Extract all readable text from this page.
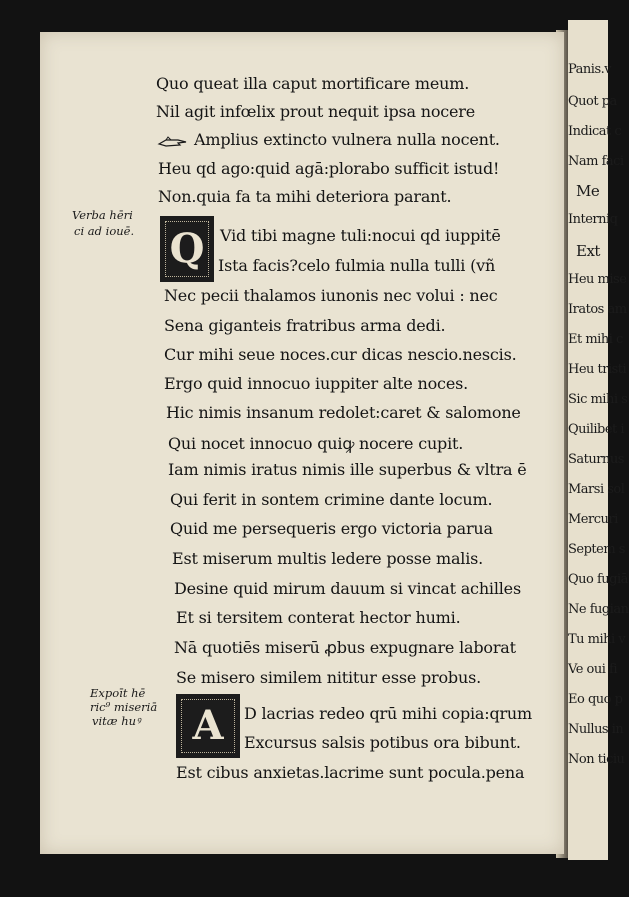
Panis.v
Quot pa
Indicat c
Nam faci
Me
Interniq
Ext
Heu mise
Iratos am
Et mihi c
Heu tristi
Sic mihi s
Quilibet i
Saturnus
Marsi sol
Mercuri
Septem s
Quo fugiā
Ne fugian
Tu mihi v
Ve oui fi
Eo quo p
Nullus in
Non ticiu
Verba hēri
ci ad iouē.
Expoīt hē
ric⁹ miseriā
vitæ huꝰ
Quo queat illa caput mortificare meum.
Nil agit infœlix prout nequit ipsa nocere
Amplius extincto vulnera nulla nocent.
Heu qd ago:quid agā:plorabo sufficit istud!
Non.quia fa ta mihi deteriora parant.
Q Vid tibi magne tuli:nocui qd iuppitē
Ista facis?celo fulmia nulla tulli (vñ
Nec pecii thalamos iunonis nec volui : nec
Sena giganteis fratribus arma dedi.
Cur mihi seue noces.cur dicas nescio.nescis.
Ergo quid innocuo iuppiter alte noces.
Hic nimis insanum redolet:caret & salomone
Qui nocet innocuo quiꝙ nocere cupit.
Iam nimis iratus nimis ille superbus & vltra ē
Qui ferit in sontem crimine dante locum.
Quid me persequeris ergo victoria parua
Est miserum multis ledere posse malis.
Desine quid mirum dauum si vincat achilles
Et si tersitem conterat hector humi.
Nā quotiēs miserū ꝓbus expugnare laborat
Se misero similem nititur esse probus.
A	D lacrias redeo qrū mihi copia:qrum
Excursus salsis potibus ora bibunt.
Est cibus anxietas.lacrime sunt pocula.pena
